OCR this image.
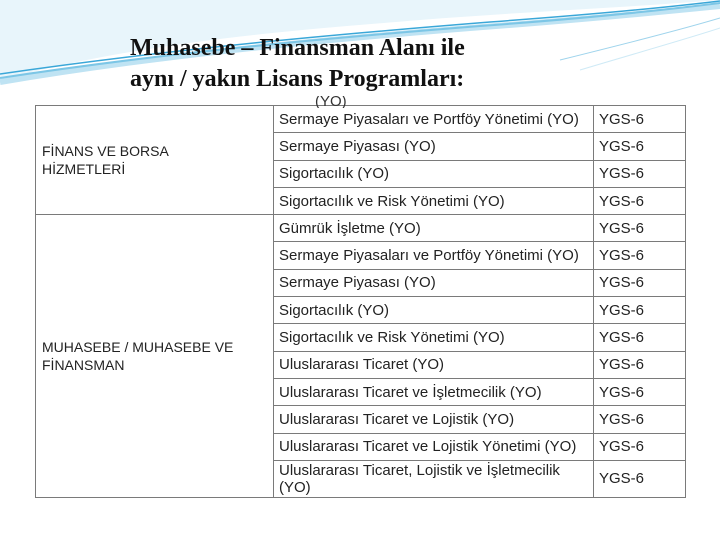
Muhasebe – Finansman Alanı ile
aynı / yakın Lisans Programları:
(YO)
FİNANS VE BORSA
HİZMETLERİ	Sermaye Piyasaları ve Portföy Yönetimi (YO)	YGS-6
	Sermaye Piyasası (YO)	YGS-6
	Sigortacılık (YO)	YGS-6
	Sigortacılık ve Risk Yönetimi (YO)	YGS-6

MUHASEBE / MUHASEBE VE
FİNANSMAN	Gümrük İşletme (YO)	YGS-6
	Sermaye Piyasaları ve Portföy Yönetimi (YO)	YGS-6
	Sermaye Piyasası (YO)	YGS-6
	Sigortacılık (YO)	YGS-6
	Sigortacılık ve Risk Yönetimi (YO)	YGS-6
	Uluslararası Ticaret (YO)	YGS-6
	Uluslararası Ticaret ve İşletmecilik (YO)	YGS-6
	Uluslararası Ticaret ve Lojistik (YO)	YGS-6
	Uluslararası Ticaret ve Lojistik Yönetimi (YO)	YGS-6

	Uluslararası Ticaret, Lojistik ve İşletmecilik
(YO)	YGS-6
